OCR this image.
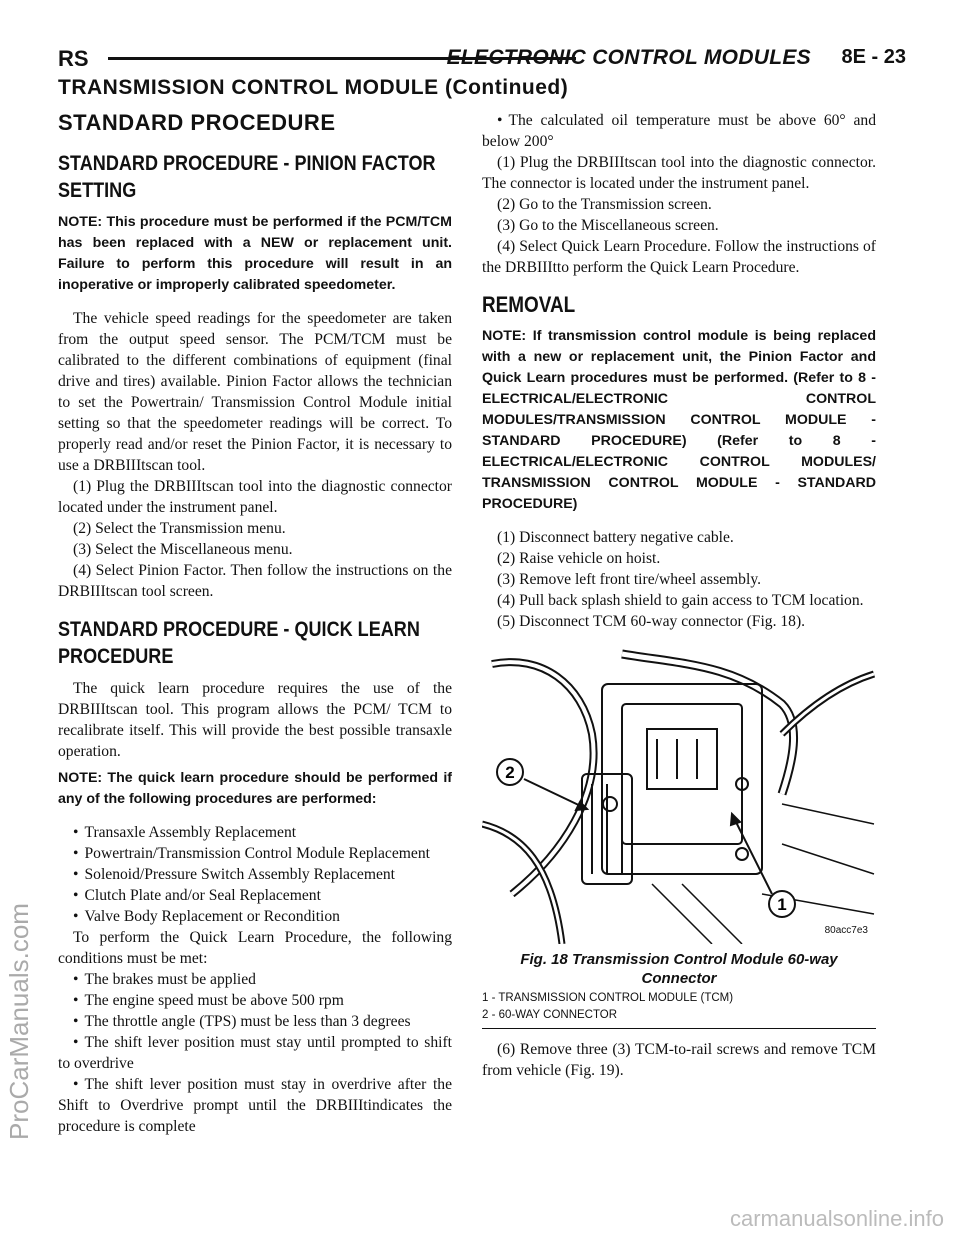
RS	ELECTRONIC CONTROL MODULES 8E - 23
TRANSMISSION CONTROL MODULE (Continued)
STANDARD PROCEDURE
STANDARD PROCEDURE - PINION FACTOR SETTING
NOTE: This procedure must be performed if the PCM/TCM has been replaced with a NEW or replacement unit. Failure to perform this procedure will result in an inoperative or improperly calibrated speedometer.

The vehicle speed readings for the speedometer are taken from the output speed sensor. The PCM/TCM must be calibrated to the different combinations of equipment (final drive and tires) available. Pinion Factor allows the technician to set the Powertrain/ Transmission Control Module initial setting so that the speedometer readings will be correct. To properly read and/or reset the Pinion Factor, it is necessary to use a DRBIIItscan tool.

(1) Plug the DRBIIItscan tool into the diagnostic connector located under the instrument panel.

(2) Select the Transmission menu.

(3) Select the Miscellaneous menu.

(4) Select Pinion Factor. Then follow the instructions on the DRBIIItscan tool screen.

STANDARD PROCEDURE - QUICK LEARN PROCEDURE

The quick learn procedure requires the use of the DRBIIItscan tool. This program allows the PCM/ TCM to recalibrate itself. This will provide the best possible transaxle operation.

NOTE: The quick learn procedure should be performed if any of the following procedures are performed:

• Transaxle Assembly Replacement

• Powertrain/Transmission Control Module Replacement

• Solenoid/Pressure Switch Assembly Replacement

• Clutch Plate and/or Seal Replacement

• Valve Body Replacement or Recondition

To perform the Quick Learn Procedure, the following conditions must be met:

• The brakes must be applied

• The engine speed must be above 500 rpm

• The throttle angle (TPS) must be less than 3 degrees

• The shift lever position must stay until prompted to shift to overdrive

• The shift lever position must stay in overdrive after the Shift to Overdrive prompt until the DRBIIItindicates the procedure is complete

• The calculated oil temperature must be above 60° and below 200°

(1) Plug the DRBIIItscan tool into the diagnostic connector. The connector is located under the instrument panel.

(2) Go to the Transmission screen.

(3) Go to the Miscellaneous screen.

(4) Select Quick Learn Procedure. Follow the instructions of the DRBIIItto perform the Quick Learn Procedure.

REMOVAL
NOTE: If transmission control module is being replaced with a new or replacement unit, the Pinion Factor and Quick Learn procedures must be performed. (Refer to 8 - ELECTRICAL/ELECTRONIC CONTROL MODULES/TRANSMISSION CONTROL MODULE - STANDARD PROCEDURE) (Refer to 8 - ELECTRICAL/ELECTRONIC CONTROL MODULES/ TRANSMISSION CONTROL MODULE - STANDARD PROCEDURE)

(1) Disconnect battery negative cable.

(2) Raise vehicle on hoist.

(3) Remove left front tire/wheel assembly.

(4) Pull back splash shield to gain access to TCM location.

(5) Disconnect TCM 60-way connector (Fig. 18).

2
1
80acc7e3
Fig. 18 Transmission Control Module 60-way Connector
1 - TRANSMISSION CONTROL MODULE (TCM)
2 - 60-WAY CONNECTOR

(6) Remove three (3) TCM-to-rail screws and remove TCM from vehicle (Fig. 19).

ProCarManuals.com
carmanualsonline.info
